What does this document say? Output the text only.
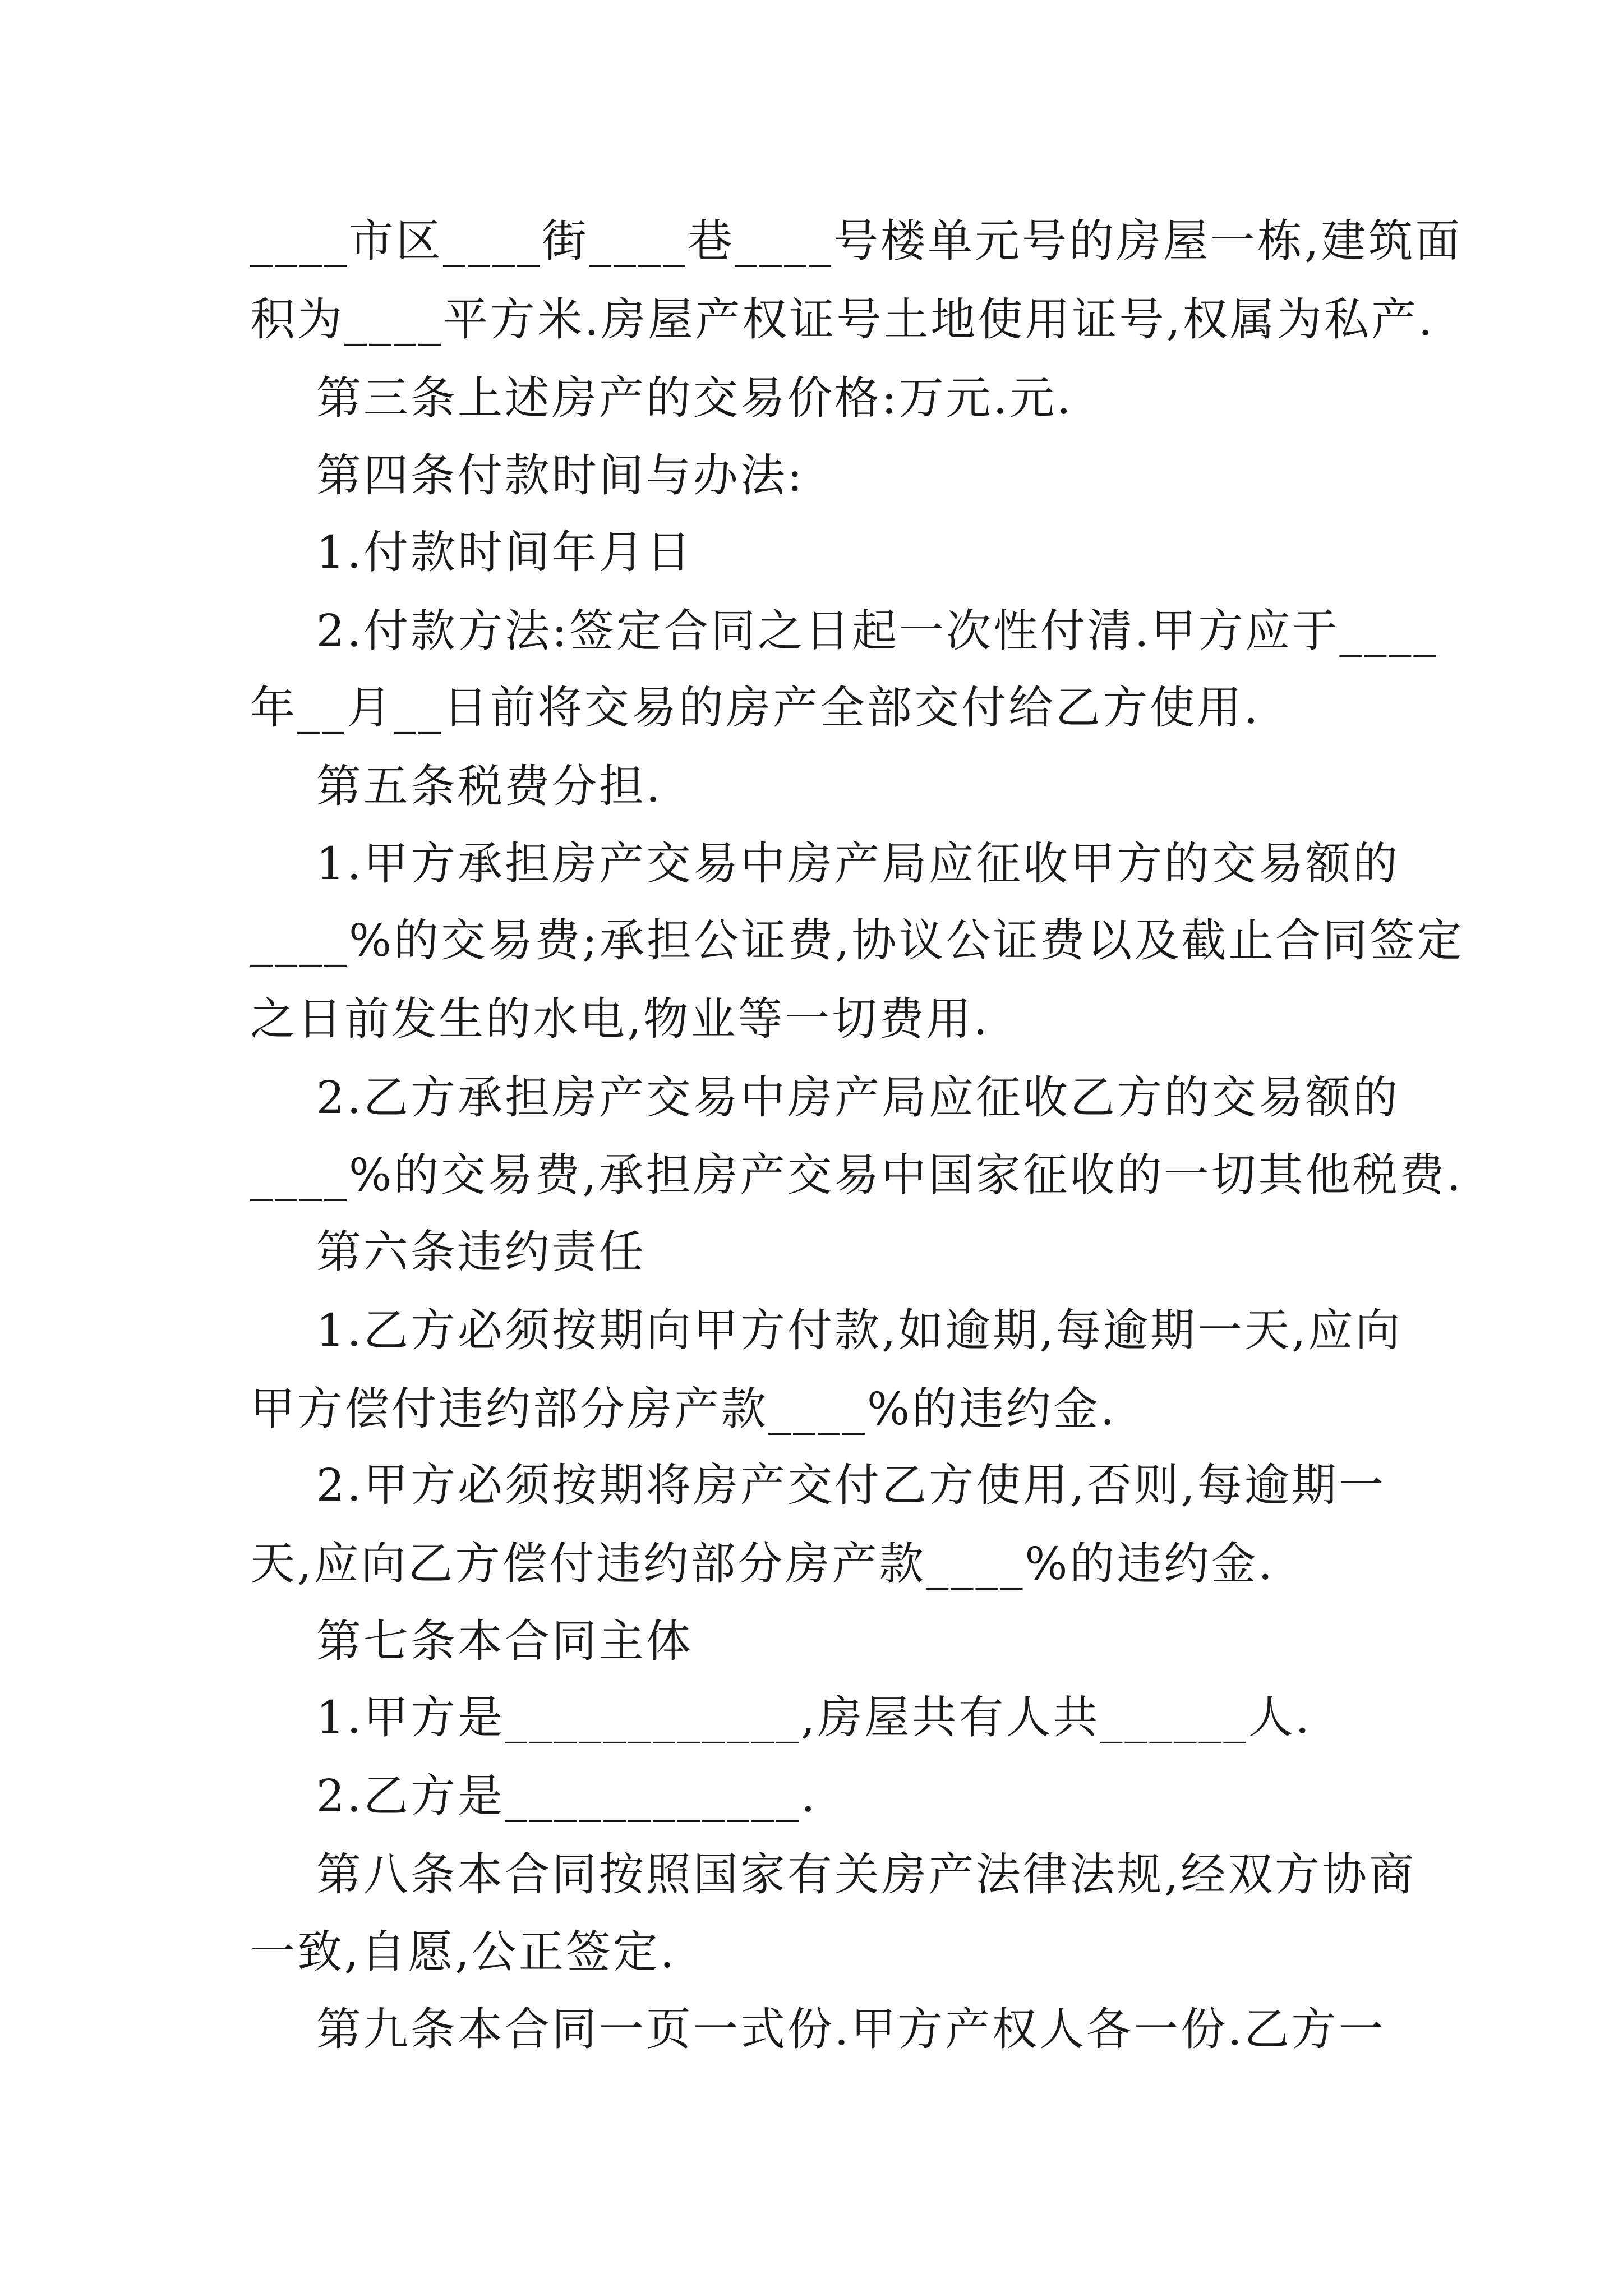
____市区____街____巷____号楼单元号的房屋一栋,建筑面
积为____平方米.房屋产权证号土地使用证号,权属为私产.
第三条上述房产的交易价格:万元.元.
第四条付款时间与办法:
1.付款时间年月日
2.付款方法:签定合同之日起一次性付清.甲方应于____
年__月__日前将交易的房产全部交付给乙方使用.
第五条税费分担.
1.甲方承担房产交易中房产局应征收甲方的交易额的
____%的交易费;承担公证费,协议公证费以及截止合同签定
之日前发生的水电,物业等一切费用.
2.乙方承担房产交易中房产局应征收乙方的交易额的
____%的交易费,承担房产交易中国家征收的一切其他税费.
第六条违约责任
1.乙方必须按期向甲方付款,如逾期,每逾期一天,应向
甲方偿付违约部分房产款____%的违约金.
2.甲方必须按期将房产交付乙方使用,否则,每逾期一
天,应向乙方偿付违约部分房产款____%的违约金.
第七条本合同主体
1.甲方是____________,房屋共有人共______人.
2.乙方是____________.
第八条本合同按照国家有关房产法律法规,经双方协商
一致,自愿,公正签定.
第九条本合同一页一式份.甲方产权人各一份.乙方一
